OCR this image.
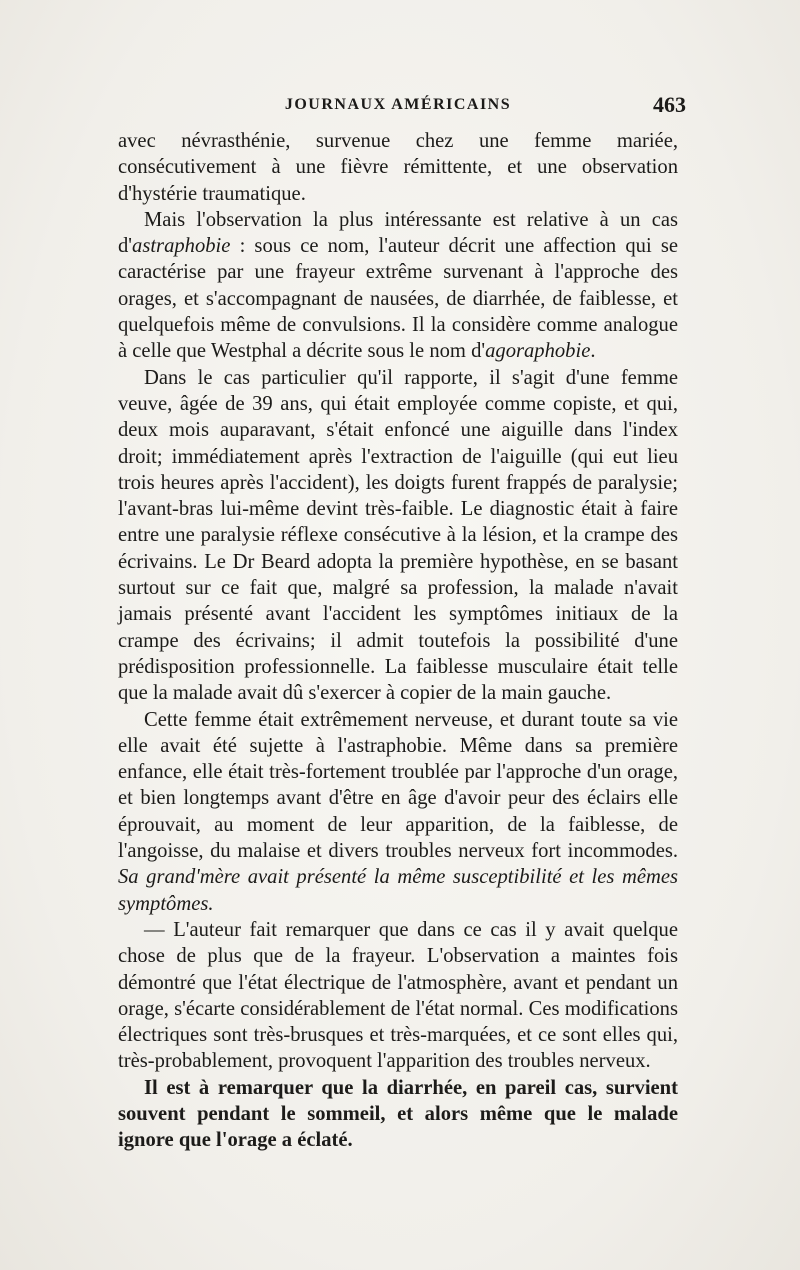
JOURNAUX AMÉRICAINS	463

avec névrasthénie, survenue chez une femme mariée, consécutivement à une fièvre rémittente, et une observation d'hystérie traumatique.

Mais l'observation la plus intéressante est relative à un cas d'astraphobie : sous ce nom, l'auteur décrit une affection qui se caractérise par une frayeur extrême survenant à l'approche des orages, et s'accompagnant de nausées, de diarrhée, de faiblesse, et quelquefois même de convulsions. Il la considère comme analogue à celle que Westphal a décrite sous le nom d'agoraphobie.

Dans le cas particulier qu'il rapporte, il s'agit d'une femme veuve, âgée de 39 ans, qui était employée comme copiste, et qui, deux mois auparavant, s'était enfoncé une aiguille dans l'index droit; immédiatement après l'extraction de l'aiguille (qui eut lieu trois heures après l'accident), les doigts furent frappés de paralysie; l'avant-bras lui-même devint très-faible. Le diagnostic était à faire entre une paralysie réflexe consécutive à la lésion, et la crampe des écrivains. Le Dr Beard adopta la première hypothèse, en se basant surtout sur ce fait que, malgré sa profession, la malade n'avait jamais présenté avant l'accident les symptômes initiaux de la crampe des écrivains; il admit toutefois la possibilité d'une prédisposition professionnelle. La faiblesse musculaire était telle que la malade avait dû s'exercer à copier de la main gauche.

Cette femme était extrêmement nerveuse, et durant toute sa vie elle avait été sujette à l'astraphobie. Même dans sa première enfance, elle était très-fortement troublée par l'approche d'un orage, et bien longtemps avant d'être en âge d'avoir peur des éclairs elle éprouvait, au moment de leur apparition, de la faiblesse, de l'angoisse, du malaise et divers troubles nerveux fort incommodes. Sa grand'mère avait présenté la même susceptibilité et les mêmes symptômes.

— L'auteur fait remarquer que dans ce cas il y avait quelque chose de plus que de la frayeur. L'observation a maintes fois démontré que l'état électrique de l'atmosphère, avant et pendant un orage, s'écarte considérablement de l'état normal. Ces modifications électriques sont très-brusques et très-marquées, et ce sont elles qui, très-probablement, provoquent l'apparition des troubles nerveux.

Il est à remarquer que la diarrhée, en pareil cas, survient souvent pendant le sommeil, et alors même que le malade ignore que l'orage a éclaté.
